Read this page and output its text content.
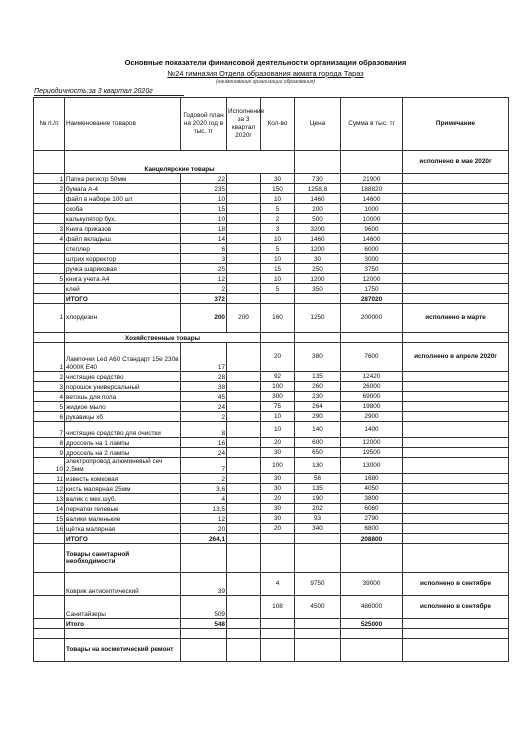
Основные показатели финансовой деятельности организации образования
№24 гимназия Отдела образования акмата города Тараз
(наименование организации образования)
Периодичность:за 3 квартал 2020г
№ п./п	Наименование товаров	Годовой план на 2020 год в тыс. тг	Исполнение за 3 квартал 2020г	Кол-во	Цена	Сумма в тыс. тг	Примечание
	Канцелярские товары						исполнено в мае 2020г
1	Папка регистр 50мм	22		30	730	21900	
2	бумага А-4	235		150	1258,8	188820	
	файл в наборе 100 шт	10		10	1460	14600	
	скоба	15		5	200	1000	
	калькулятор бух.	10		2	500	10000	
3	Книга приказов	18		3	3200	9600	
4	файл вкладыш	14		10	1460	14600	
	степлер	6		5	1200	6000	
	штрих корректор	3		10	30	3000	
	ручка шариковая	25		15	250	3750	
5	книга учета А4	12		10	1200	12000	
	клей	2		5	350	1750	
	ИТОГО	372				287020	
1	хлордезин	200	200	160	1250	200000	исполнено в марте
	Хозяйственные товары						
1	Лампочки Led А60 Стандарт 15е 230в 4000К Е40	17		20	380	7600	исполнено в апреле 2020г
2	чистящие средство	28		92	135	12420	
3	порошок универсальный	38		100	260	26000	
4	ветошь для пола	45		300	230	69000	
5	жидкое мыло	24		75	264	19800	
6	рукавицы хб	2		10	290	2900	
7	чистящие средство для очистки	8		10	140	1400	
8	дроссель на 1 лампы	16		20	600	12000	
9	дроссель на 2 лампы	24		30	650	19500	
10	электропровод алюминевый сеч 2,5мм	7		100	130	13000	
11	известь комковая	2		30	56	1680	
12	кисть малярная 25мм	3,6		30	135	4050	
13	валик с мех.шуб.	4		20	190	3800	
14	перчатки гелевые	13,5		30	202	6060	
15	валики маленькие	12		30	93	2790	
16	щётка малярная	20		20	340	6800	
	ИТОГО	264,1				208800	
	Товары санитарной необходимости						
	Коврик антисептический	39		4	9750	39000	исполнено в сентябре
	Санитайзеры	509		108	4500	486000	исполнено в сентябре
	Итого	548				525000	

	Товары на косметический ремонт						
